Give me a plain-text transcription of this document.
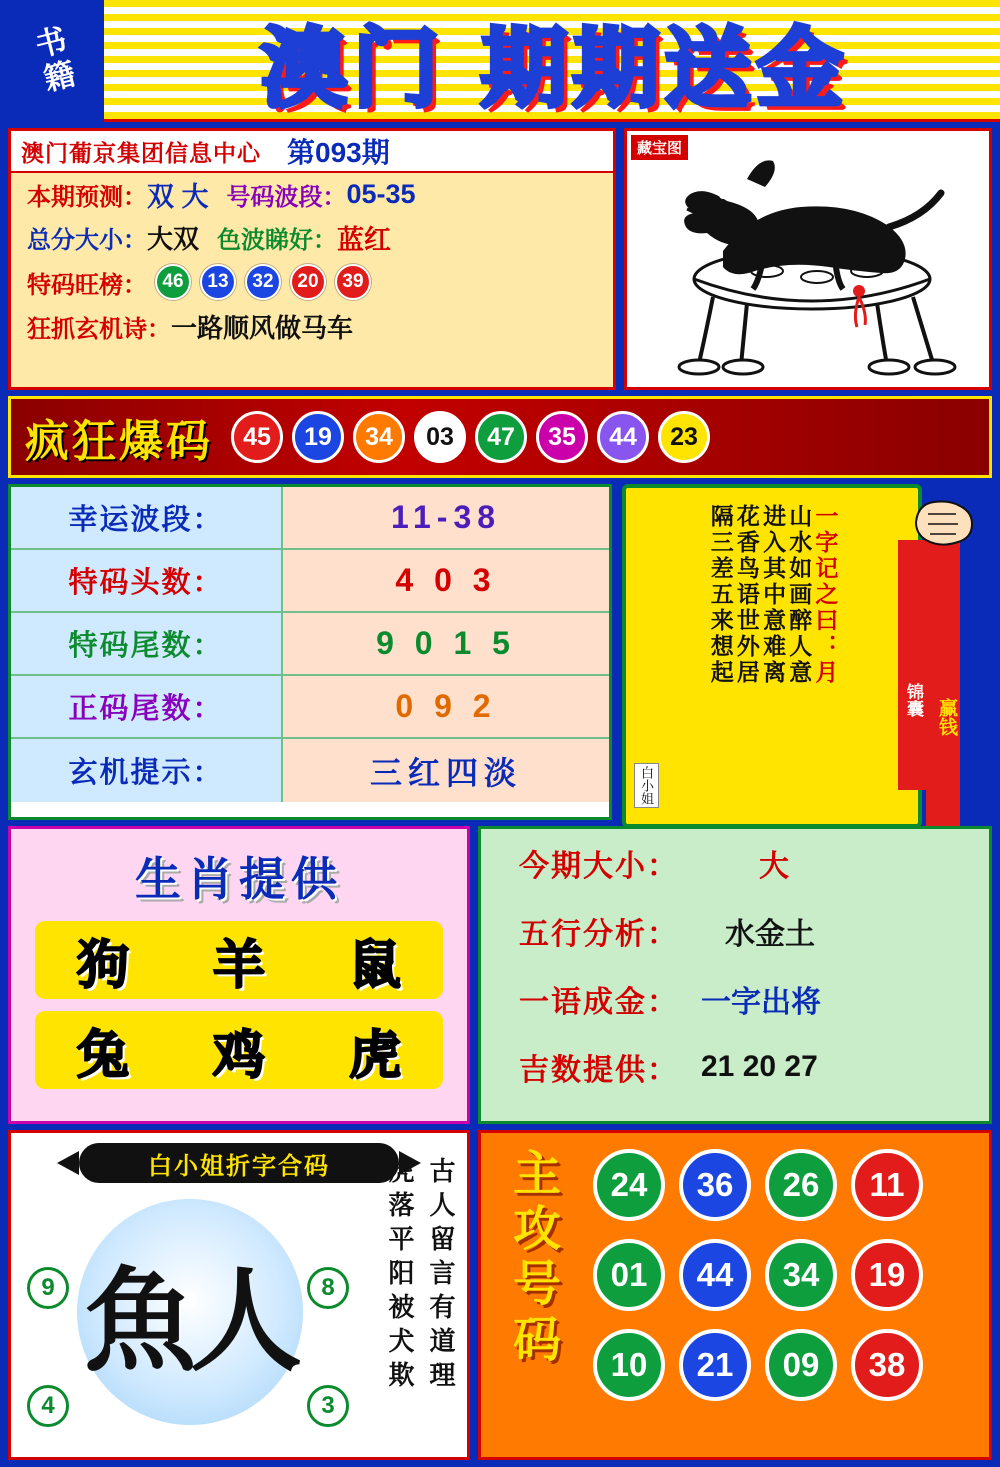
书籍	澳门 期期送金
澳门葡京集团信息中心 第093期
本期预测： 双 大 号码波段： 05-35
总分大小： 大双 色波睇好： 蓝红
特码旺榜： 46	13	32	20	39
狂抓玄机诗： 一路顺风做马车
藏宝图
疯狂爆码	45	19	34	03	47	35	44	23
幸运波段：	11-38
特码头数：	4 0 3
特码尾数：	9 0 1 5
正码尾数：	0 9 2
玄机提示：	三红四淡
一字记之曰：月
山水如画醉人意
进入其中意难离
花香鸟语世外居
隔三差五来想起
白小姐
锦囊 赢钱
生肖提供
狗 羊 鼠
兔 鸡 虎
今期大小：	大
五行分析： 水金土
一语成金： 一字出将
吉数提供： 21 20 27
白小姐折字合码
魚人
9	8
4	3
古人留言有道理
虎落平阳被犬欺 主
攻
号
码
24	36	26	11
01	44	34	19
10	21	09	38
